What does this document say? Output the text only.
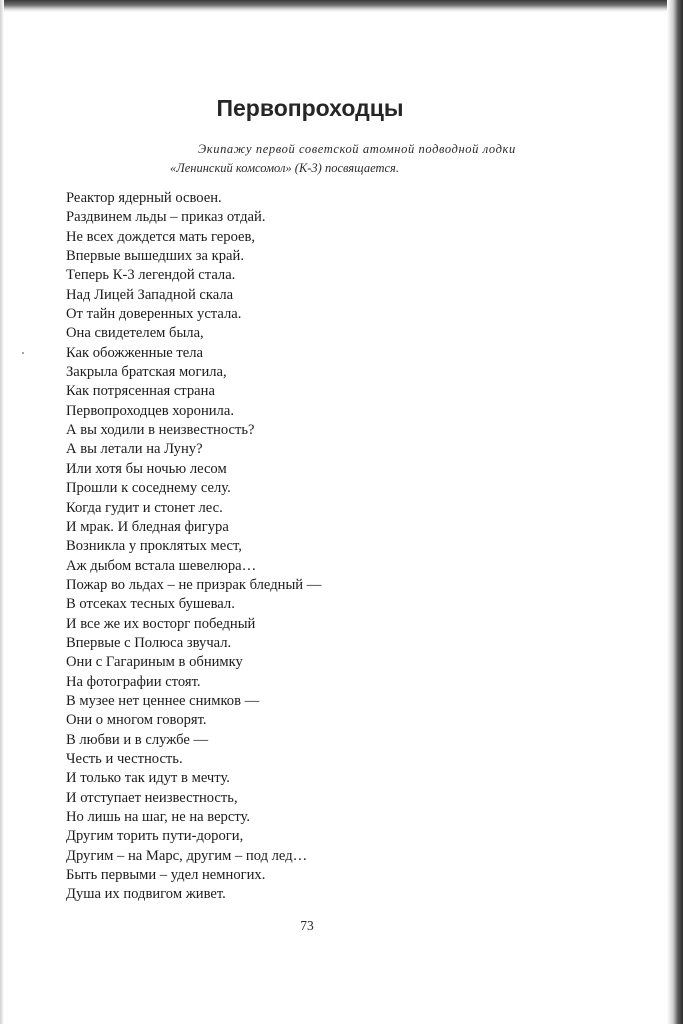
Первопроходцы

Экипажу первой советской атомной подводной лодки
«Ленинский комсомол» (К-3) посвящается.

Реактор ядерный освоен.
Раздвинем льды – приказ отдай.
Не всех дождется мать героев,
Впервые вышедших за край.
Теперь К-3 легендой стала.
Над Лицей Западной скала
От тайн доверенных устала.
Она свидетелем была,
Как обожженные тела
Закрыла братская могила,
Как потрясенная страна
Первопроходцев хоронила.
А вы ходили в неизвестность?
А вы летали на Луну?
Или хотя бы ночью лесом
Прошли к соседнему селу.
Когда гудит и стонет лес.
И мрак. И бледная фигура
Возникла у проклятых мест,
Аж дыбом встала шевелюра…
Пожар во льдах – не призрак бледный —
В отсеках тесных бушевал.
И все же их восторг победный
Впервые с Полюса звучал.
Они с Гагариным в обнимку
На фотографии стоят.
В музее нет ценнее снимков —
Они о многом говорят.
В любви и в службе —
Честь и честность.
И только так идут в мечту.
И отступает неизвестность,
Но лишь на шаг, не на версту.
Другим торить пути-дороги,
Другим – на Марс, другим – под лед…
Быть первыми – удел немногих.
Душа их подвигом живет.

73
